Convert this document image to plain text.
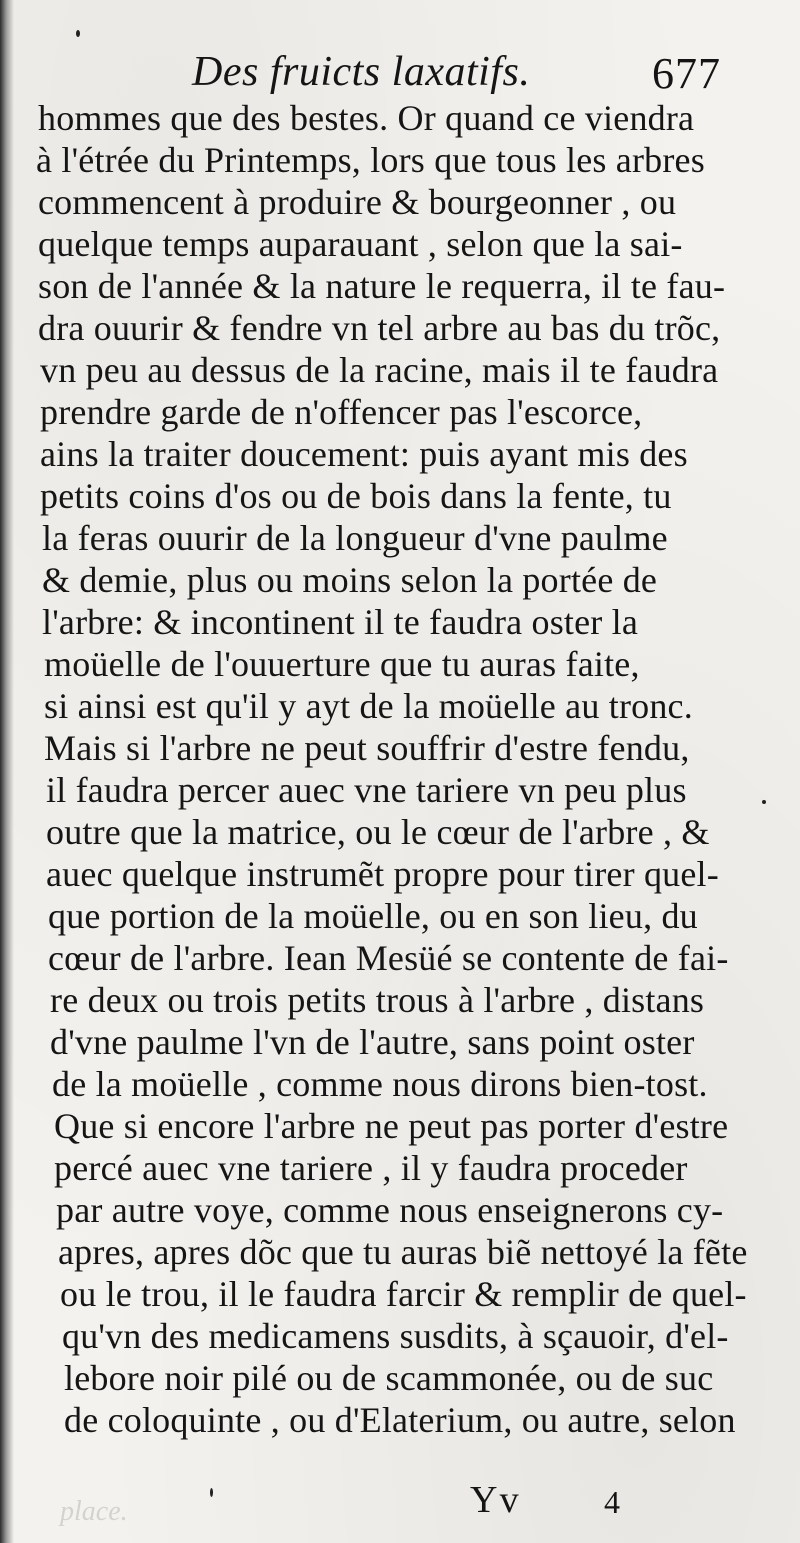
Des fruicts laxatifs.	677
hommes que des bestes. Or quand ce viendra
à l'étrée du Printemps, lors que tous les arbres
commencent à produire & bourgeonner , ou
quelque temps auparauant , selon que la sai-
son de l'année & la nature le requerra, il te fau-
dra ouurir & fendre vn tel arbre au bas du trõc,
vn peu au dessus de la racine, mais il te faudra
prendre garde de n'offencer pas l'escorce,
ains la traiter doucement: puis ayant mis des
petits coins d'os ou de bois dans la fente, tu
la feras ouurir de la longueur d'vne paulme
& demie, plus ou moins selon la portée de
l'arbre: & incontinent il te faudra oster la
moüelle de l'ouuerture que tu auras faite,
si ainsi est qu'il y ayt de la moüelle au tronc.
Mais si l'arbre ne peut souffrir d'estre fendu,
il faudra percer auec vne tariere vn peu plus
outre que la matrice, ou le cœur de l'arbre , &
auec quelque instrumẽt propre pour tirer quel-
que portion de la moüelle, ou en son lieu, du
cœur de l'arbre. Iean Mesüé se contente de fai-
re deux ou trois petits trous à l'arbre , distans
d'vne paulme l'vn de l'autre, sans point oster
de la moüelle , comme nous dirons bien-tost.
Que si encore l'arbre ne peut pas porter d'estre
percé auec vne tariere , il y faudra proceder
par autre voye, comme nous enseignerons cy-
apres, apres dõc que tu auras biẽ nettoyé la fẽte
ou le trou, il le faudra farcir & remplir de quel-
qu'vn des medicamens susdits, à sçauoir, d'el-
lebore noir pilé ou de scammonée, ou de suc
de coloquinte , ou d'Elaterium, ou autre, selon
place.	Yv 4
